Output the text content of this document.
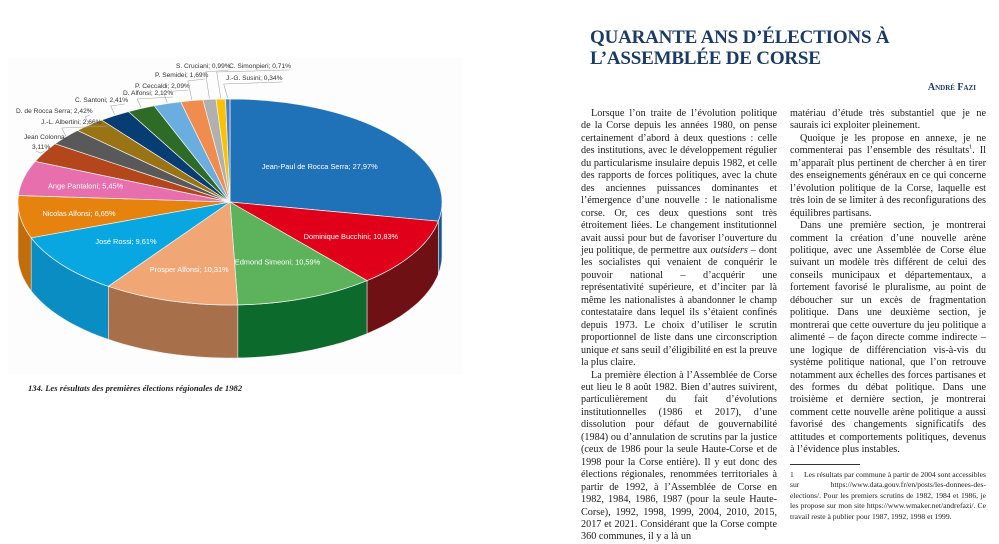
Jean-Paul de Rocca Serra; 27,97%
Dominique Bucchini; 10,83%
Edmond Simeoni; 10,59%
Prosper Alfonsi; 10,31%
José Rossi; 9,61%
Nicolas Alfonsi; 6,65%
Ange Pantaloni; 5,45%
Jean Colonna; 3,11%
J.-L. Albertini; 2,66%
D. de Rocca Serra; 2,42%
C. Santoni; 2,41%
D. Alfonsi; 2,12%
P. Ceccaldi; 2,09%
P. Semidei; 1,69%
S. Cruciani; 0,99%
C. Simonpieri; 0,71%
J.-G. Susini; 0,34%
134. Les résultats des premières élections régionales de 1982
QUARANTE ANS D’ÉLECTIONS À L’ASSEMBLÉE DE CORSE
André Fazi

Lorsque l’on traite de l’évolution politique de la Corse depuis les années 1980, on pense certainement d’abord à deux questions : celle des institutions, avec le développement régulier du particularisme insulaire depuis 1982, et celle des rapports de forces politiques, avec la chute des anciennes puissances dominantes et l’émergence d’une nouvelle : le nationalisme corse. Or, ces deux questions sont très étroitement liées. Le changement institutionnel avait aussi pour but de favoriser l’ouverture du jeu politique, de permettre aux outsiders – dont les socialistes qui venaient de conquérir le pouvoir national – d’acquérir une représentativité supérieure, et d’inciter par là même les nationalistes à abandonner le champ contestataire dans lequel ils s’étaient confinés depuis 1973. Le choix d’utiliser le scrutin proportionnel de liste dans une circonscription unique et sans seuil d’éligibilité en est la preuve la plus claire.

La première élection à l’Assemblée de Corse eut lieu le 8 août 1982. Bien d’autres suivirent, particulièrement du fait d’évolutions institutionnelles (1986 et 2017), d’une dissolution pour défaut de gouvernabilité (1984) ou d’annulation de scrutins par la justice (ceux de 1986 pour la seule Haute-Corse et de 1998 pour la Corse entière). Il y eut donc des élections régionales, renommées territoriales à partir de 1992, à l’Assemblée de Corse en 1982, 1984, 1986, 1987 (pour la seule Haute-Corse), 1992, 1998, 1999, 2004, 2010, 2015, 2017 et 2021. Considérant que la Corse compte 360 communes, il y a là un

matériau d’étude très substantiel que je ne saurais ici exploiter pleinement.

Quoique je les propose en annexe, je ne commenterai pas l’ensemble des résultats$^1$. Il m’apparaît plus pertinent de chercher à en tirer des enseignements généraux en ce qui concerne l’évolution politique de la Corse, laquelle est très loin de se limiter à des reconfigurations des équilibres partisans.

Dans une première section, je montrerai comment la création d’une nouvelle arène politique, avec une Assemblée de Corse élue suivant un modèle très différent de celui des conseils municipaux et départementaux, a fortement favorisé le pluralisme, au point de déboucher sur un excès de fragmentation politique. Dans une deuxième section, je montrerai que cette ouverture du jeu politique a alimenté – de façon directe comme indirecte – une logique de différenciation vis-à-vis du système politique national, que l’on retrouve notamment aux échelles des forces partisanes et des formes du débat politique. Dans une troisième et dernière section, je montrerai comment cette nouvelle arène politique a aussi favorisé des changements significatifs des attitudes et comportements politiques, devenus à l’évidence plus instables.

1 Les résultats par commune à partir de 2004 sont accessibles sur https://www.data.gouv.fr/en/posts/les-donnees-des-elections/. Pour les premiers scrutins de 1982, 1984 et 1986, je les propose sur mon site https://www.wmaker.net/andrefazi/. Ce travail reste à publier pour 1987, 1992, 1998 et 1999.
